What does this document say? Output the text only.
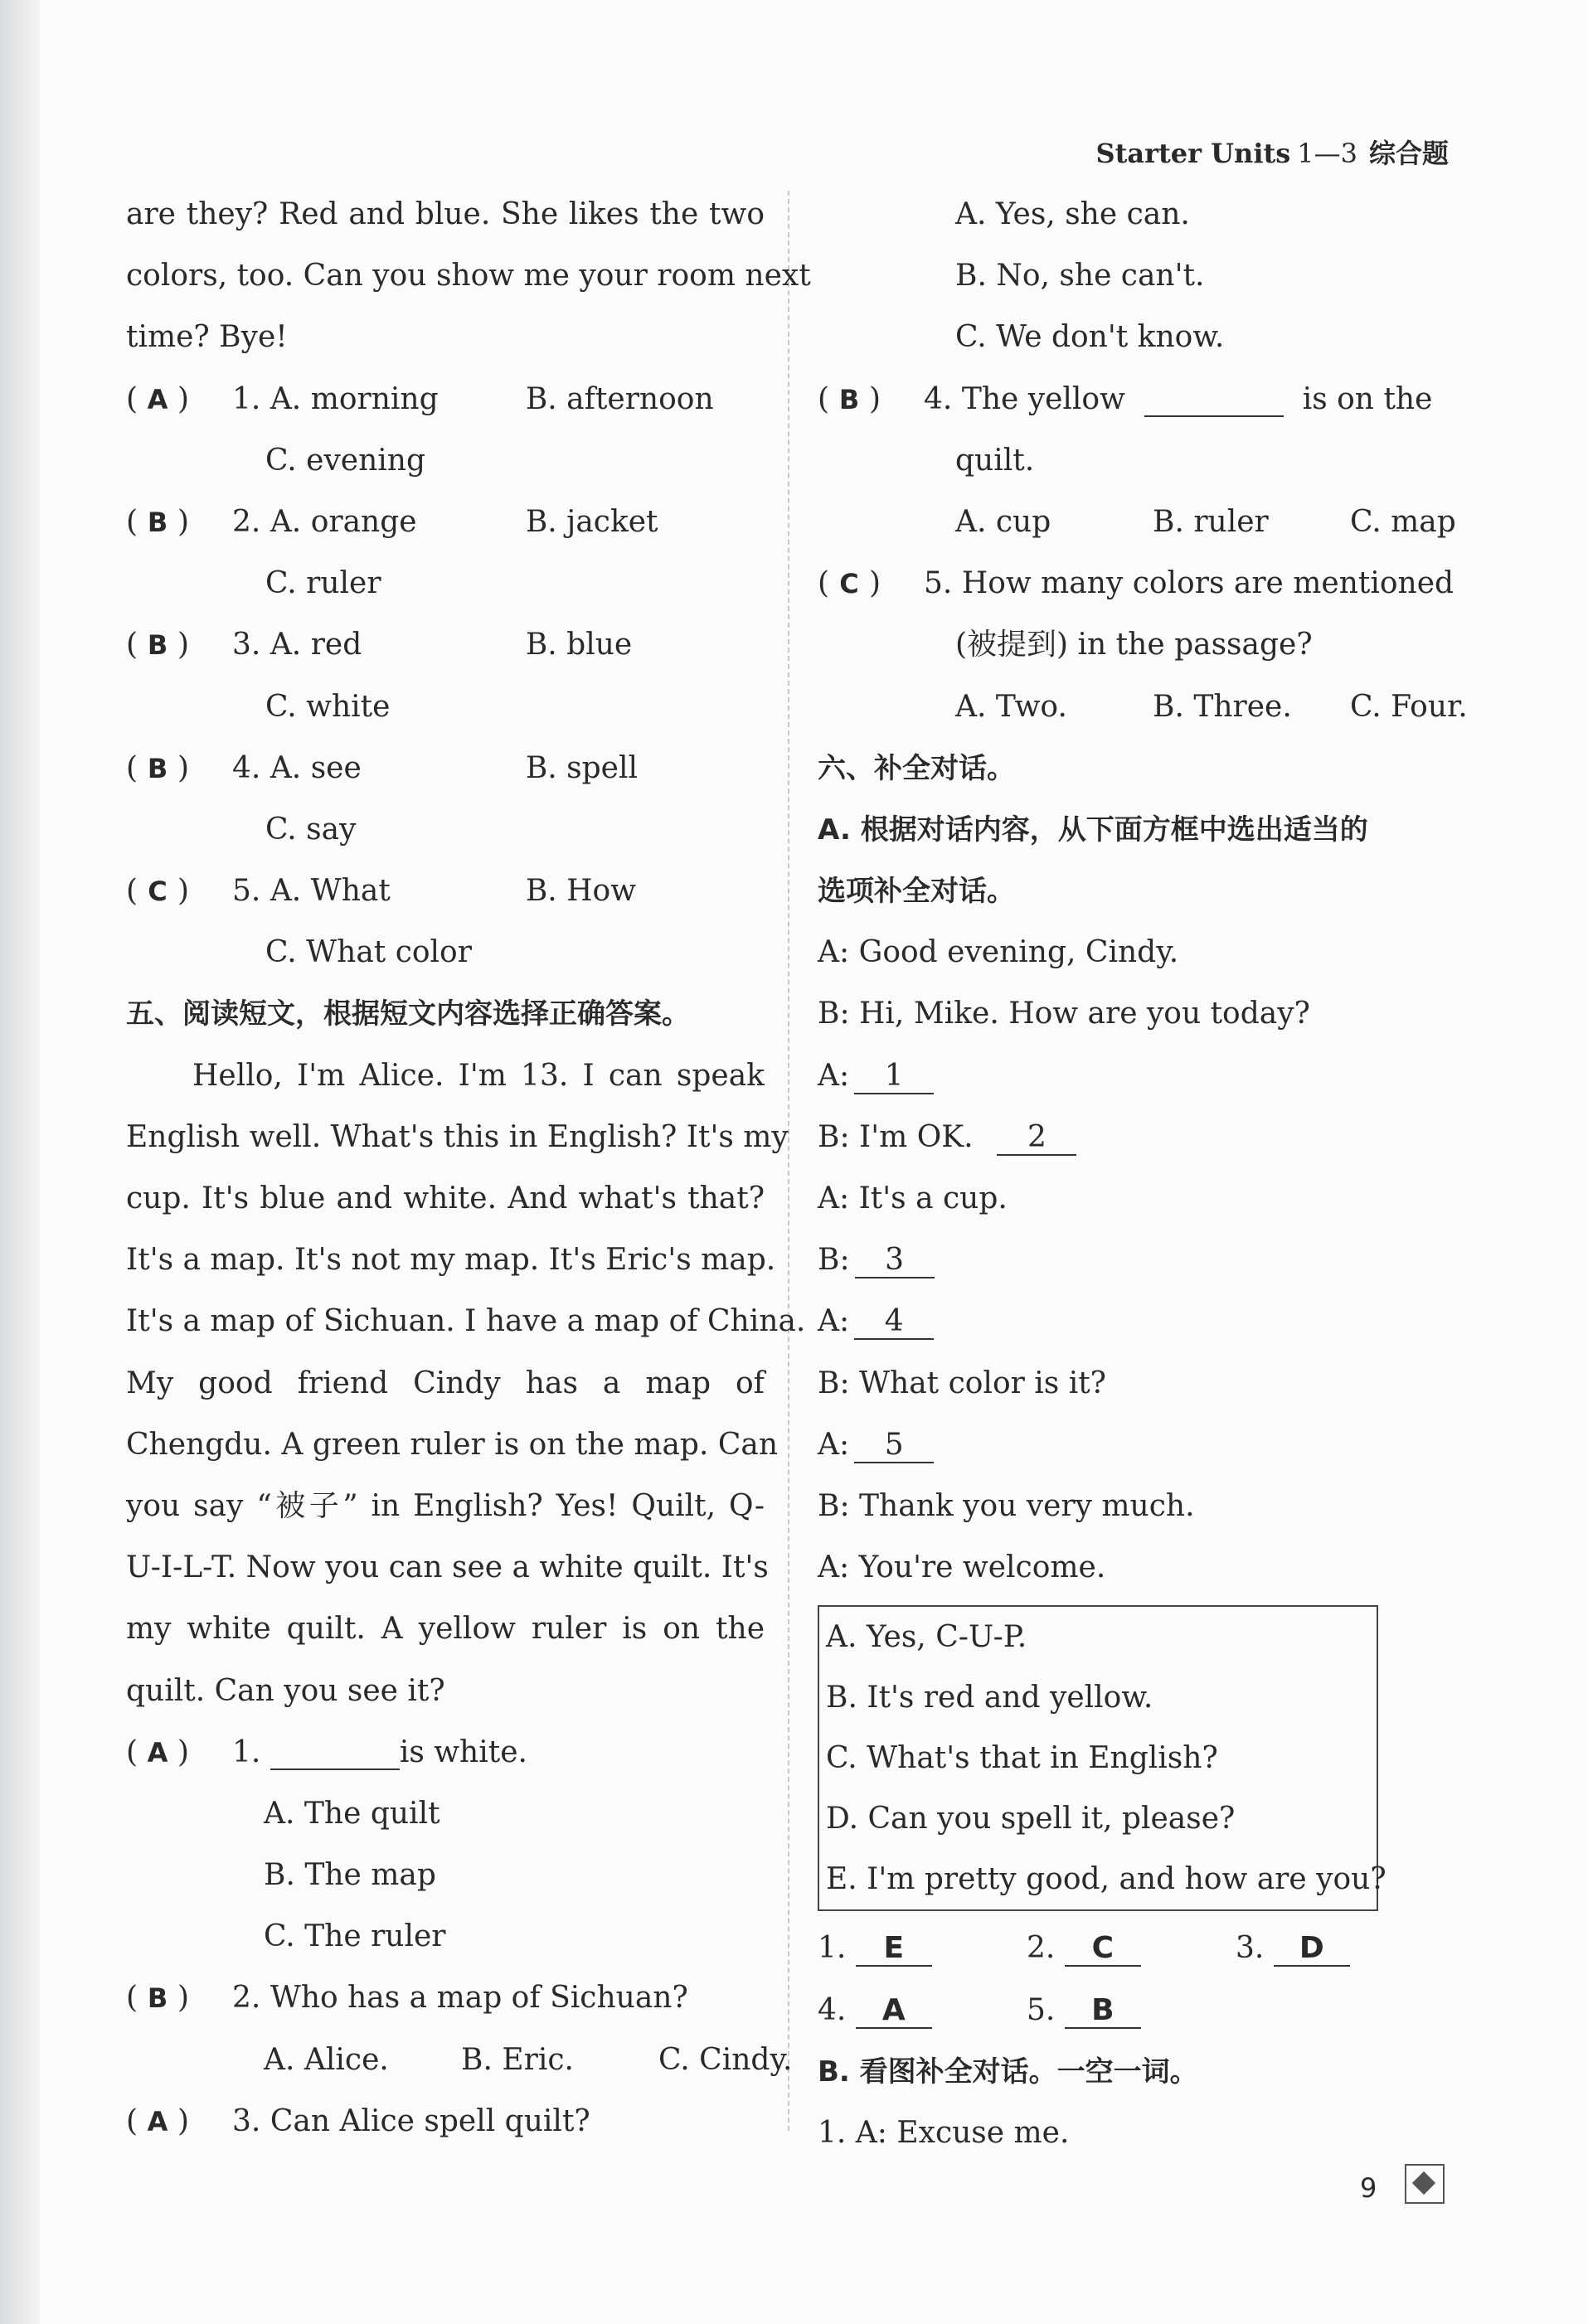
Starter Units 1—3 综合题
are they? Red and blue. She likes the two
colors, too. Can you show me your room next
time? Bye!
( A )	1.
A. morning	B. afternoon
C. evening
( B )	2.
A. orange	B. jacket
C. ruler
( B )	3.
A. red	B. blue
C. white
( B )	4.
A. see	B. spell
C. say
( C )	5.
A. What	B. How
C. What color
五、阅读短文，根据短文内容选择正确答案。
Hello, I'm Alice. I'm 13. I can speak
English well. What's this in English? It's my
cup. It's blue and white. And what's that?
It's a map. It's not my map. It's Eric's map.
It's a map of Sichuan. I have a map of China.
My good friend Cindy has a map of
Chengdu. A green ruler is on the map. Can
you say “被子” in English? Yes! Quilt, Q-
U-I-L-T. Now you can see a white quilt. It's
my white quilt. A yellow ruler is on the
quilt. Can you see it?
( A )	1.
	is white.
A. The quilt
B. The map
C. The ruler
( B )	2.
Who has a map of Sichuan?
A. Alice. B. Eric.	C. Cindy.
( A )	3.
Can Alice spell quilt?
A. Yes, she can.
B. No, she can't.
C. We don't know.
( B )	4.
The yellow

	is on the
quilt.
A. cup	B. ruler	C. map
( C )	5.
How many colors are mentioned
(被提到) in the passage?
A. Two.	B. Three. C. Four.
六、补全对话。
A. 根据对话内容，从下面方框中选出适当的
选项补全对话。
A: Good evening, Cindy.
B: Hi, Mike. How are you today?
A: 1
B: I'm OK. 2
A: It's a cup.
B: 3
A: 4
B: What color is it?
A: 5
B: Thank you very much.
A: You're welcome.
A. Yes, C-U-P.
B. It's red and yellow.
C. What's that in English?
D. Can you spell it, please?
E. I'm pretty good, and how are you?
1. E	2. C	3. D
4. A	5. B
B. 看图补全对话。一空一词。
1. A: Excuse me.
9
